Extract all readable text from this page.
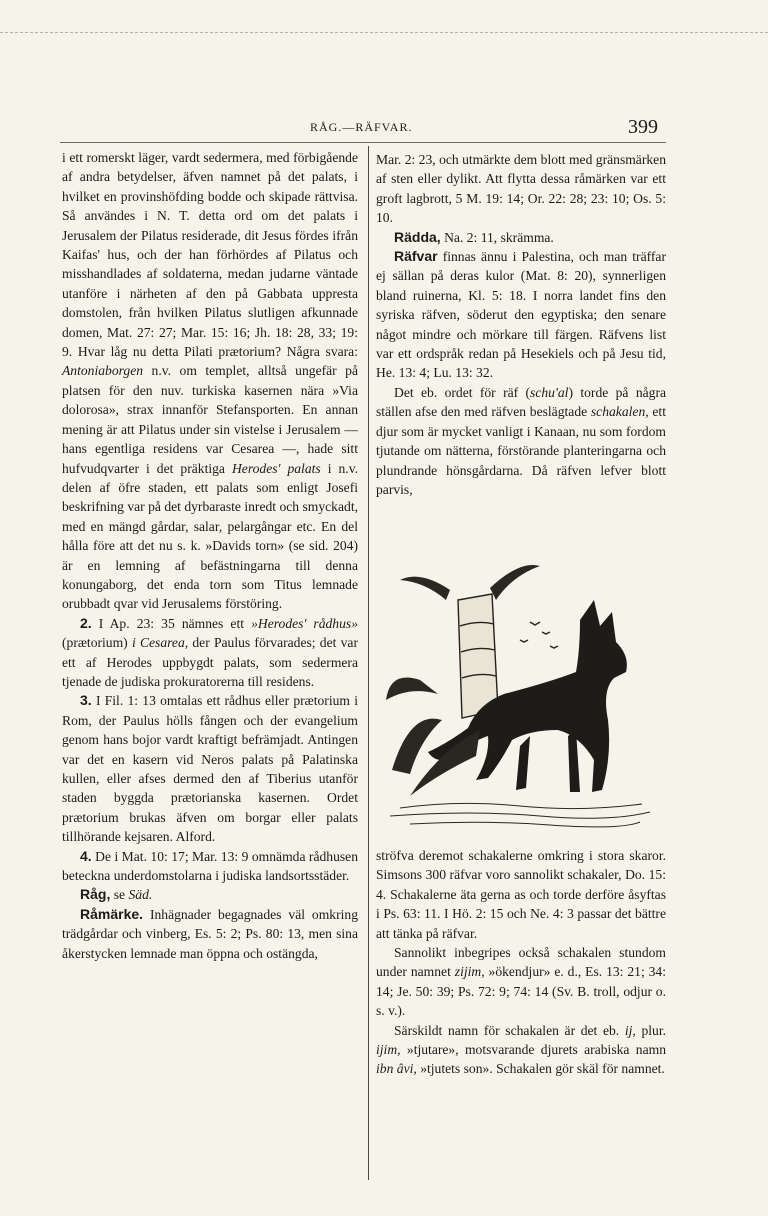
RÅG.—RÄFVAR.	399

i ett romerskt läger, vardt sedermera, med förbigående af andra betydelser, äfven namnet på det palats, i hvilket en provinshöfding bodde och skipade rättvisa. Så användes i N. T. detta ord om det palats i Jerusalem der Pilatus residerade, dit Jesus fördes ifrån Kaifas' hus, och der han förhördes af Pilatus och misshandlades af soldaterna, medan judarne väntade utanföre i närheten af den på Gabbata uppresta domstolen, från hvilken Pilatus slutligen afkunnade domen, Mat. 27: 27; Mar. 15: 16; Jh. 18: 28, 33; 19: 9. Hvar låg nu detta Pilati prætorium? Några svara: Antoniaborgen n.v. om templet, alltså ungefär på platsen för den nuv. turkiska kasernen nära »Via dolorosa», strax innanför Stefansporten. En annan mening är att Pilatus under sin vistelse i Jerusalem — hans egentliga residens var Cesarea —, hade sitt hufvudqvarter i det präktiga Herodes' palats i n.v. delen af öfre staden, ett palats som enligt Josefi beskrifning var på det dyrbaraste inredt och smyckadt, med en mängd gårdar, salar, pelargångar etc. En del hålla före att det nu s. k. »Davids torn» (se sid. 204) är en lemning af befästningarna till denna konungaborg, det enda torn som Titus lemnade orubbadt qvar vid Jerusalems förstöring.

2. I Ap. 23: 35 nämnes ett »Herodes' rådhus» (prætorium) i Cesarea, der Paulus förvarades; det var ett af Herodes uppbygdt palats, som sedermera tjenade de judiska prokuratorerna till residens.

3. I Fil. 1: 13 omtalas ett rådhus eller prætorium i Rom, der Paulus hölls fången och der evangelium genom hans bojor vardt kraftigt befrämjadt. Antingen var det en kasern vid Neros palats på Palatinska kullen, eller afses dermed den af Tiberius utanför staden byggda prætorianska kasernen. Ordet prætorium brukas äfven om borgar eller palats tillhörande kejsaren. Alford.

4. De i Mat. 10: 17; Mar. 13: 9 omnämda rådhusen beteckna underdomstolarna i judiska landsortsstäder.

Råg, se Säd.

Råmärke. Inhägnader begagnades väl omkring trädgårdar och vinberg, Es. 5: 2; Ps. 80: 13, men sina åkerstycken lemnade man öppna och ostängda,

Mar. 2: 23, och utmärkte dem blott med gränsmärken af sten eller dylikt. Att flytta dessa råmärken var ett groft lagbrott, 5 M. 19: 14; Or. 22: 28; 23: 10; Os. 5: 10.

Rädda, Na. 2: 11, skrämma.

Räfvar finnas ännu i Palestina, och man träffar ej sällan på deras kulor (Mat. 8: 20), synnerligen bland ruinerna, Kl. 5: 18. I norra landet fins den syriska räfven, söderut den egyptiska; den senare något mindre och mörkare till färgen. Räfvens list var ett ordspråk redan på Hesekiels och på Jesu tid, He. 13: 4; Lu. 13: 32.

Det eb. ordet för räf (schu'al) torde på några ställen afse den med räfven beslägtade schakalen, ett djur som är mycket vanligt i Kanaan, nu som fordom tjutande om nätterna, förstörande planteringarna och plundrande hönsgårdarna. Då räfven lefver blott parvis,

ströfva deremot schakalerne omkring i stora skaror. Simsons 300 räfvar voro sannolikt schakaler, Do. 15: 4. Schakalerne äta gerna as och torde derföre åsyftas i Ps. 63: 11. I Hö. 2: 15 och Ne. 4: 3 passar det bättre att tänka på räfvar.

Sannolikt inbegripes också schakalen stundom under namnet zijim, »ökendjur» e. d., Es. 13: 21; 34: 14; Je. 50: 39; Ps. 72: 9; 74: 14 (Sv. B. troll, odjur o. s. v.).

Särskildt namn för schakalen är det eb. ij, plur. ijim, »tjutare», motsvarande djurets arabiska namn ibn âvi, »tjutets son». Schakalen gör skäl för namnet.
